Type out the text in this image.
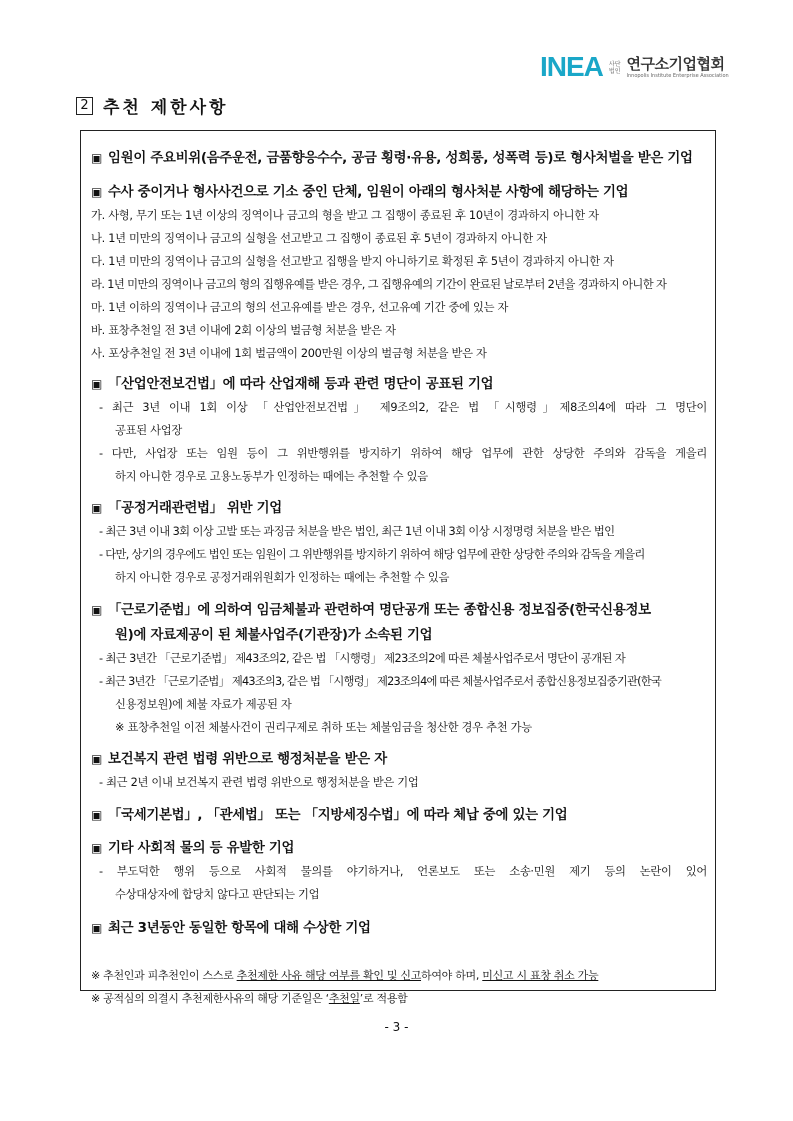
INEA 사단
법인 연구소기업협회
Innopolis Institute Enterprise Association
2 추천 제한사항
▣ 임원이 주요비위(음주운전, 금품향응수수, 공금 횡령·유용, 성희롱, 성폭력 등)로 형사처벌을 받은 기업
▣ 수사 중이거나 형사사건으로 기소 중인 단체, 임원이 아래의 형사처분 사항에 해당하는 기업
가. 사형, 무기 또는 1년 이상의 징역이나 금고의 형을 받고 그 집행이 종료된 후 10년이 경과하지 아니한 자
나. 1년 미만의 징역이나 금고의 실형을 선고받고 그 집행이 종료된 후 5년이 경과하지 아니한 자
다. 1년 미만의 징역이나 금고의 실형을 선고받고 집행을 받지 아니하기로 확정된 후 5년이 경과하지 아니한 자
라. 1년 미만의 징역이나 금고의 형의 집행유예를 받은 경우, 그 집행유예의 기간이 완료된 날로부터 2년을 경과하지 아니한 자
마. 1년 이하의 징역이나 금고의 형의 선고유예를 받은 경우, 선고유예 기간 중에 있는 자
바. 표창추천일 전 3년 이내에 2회 이상의 벌금형 처분을 받은 자
사. 포상추천일 전 3년 이내에 1회 벌금액이 200만원 이상의 벌금형 처분을 받은 자
▣ 「산업안전보건법」에 따라 산업재해 등과 관련 명단이 공표된 기업
- 최근 3년 이내 1회 이상 「산업안전보건법」 제9조의2, 같은 법 「시행령」제8조의4에 따라 그 명단이
공표된 사업장
- 다만, 사업장 또는 임원 등이 그 위반행위를 방지하기 위하여 해당 업무에 관한 상당한 주의와 감독을 게을리
하지 아니한 경우로 고용노동부가 인정하는 때에는 추천할 수 있음
▣ 「공정거래관련법」 위반 기업
- 최근 3년 이내 3회 이상 고발 또는 과징금 처분을 받은 법인, 최근 1년 이내 3회 이상 시정명령 처분을 받은 법인
- 다만, 상기의 경우에도 법인 또는 임원이 그 위반행위를 방지하기 위하여 해당 업무에 관한 상당한 주의와 감독을 게을리
하지 아니한 경우로 공정거래위원회가 인정하는 때에는 추천할 수 있음
▣ 「근로기준법」에 의하여 임금체불과 관련하여 명단공개 또는 종합신용 정보집중(한국신용정보
원)에 자료제공이 된 체불사업주(기관장)가 소속된 기업
- 최근 3년간 「근로기준법」 제43조의2, 같은 법 「시행령」 제23조의2에 따른 체불사업주로서 명단이 공개된 자
- 최근 3년간 「근로기준법」 제43조의3, 같은 법 「시행령」 제23조의4에 따른 체불사업주로서 종합신용정보집중기관(한국
신용정보원)에 체불 자료가 제공된 자
※ 표창추천일 이전 체불사건이 권리구제로 취하 또는 체불임금을 청산한 경우 추천 가능
▣ 보건복지 관련 법령 위반으로 행정처분을 받은 자
- 최근 2년 이내 보건복지 관련 법령 위반으로 행정처분을 받은 기업
▣ 「국세기본법」, 「관세법」 또는 「지방세징수법」에 따라 체납 중에 있는 기업
▣ 기타 사회적 물의 등 유발한 기업
- 부도덕한 행위 등으로 사회적 물의를 야기하거나, 언론보도 또는 소송·민원 제기 등의 논란이 있어
수상대상자에 합당치 않다고 판단되는 기업
▣ 최근 3년동안 동일한 항목에 대해 수상한 기업
※ 추천인과 피추천인이 스스로 추천제한 사유 해당 여부를 확인 및 신고하여야 하며, 미신고 시 표창 취소 가능
※ 공적심의 의결시 추천제한사유의 해당 기준일은 ‘추천일’로 적용함
- 3 -
